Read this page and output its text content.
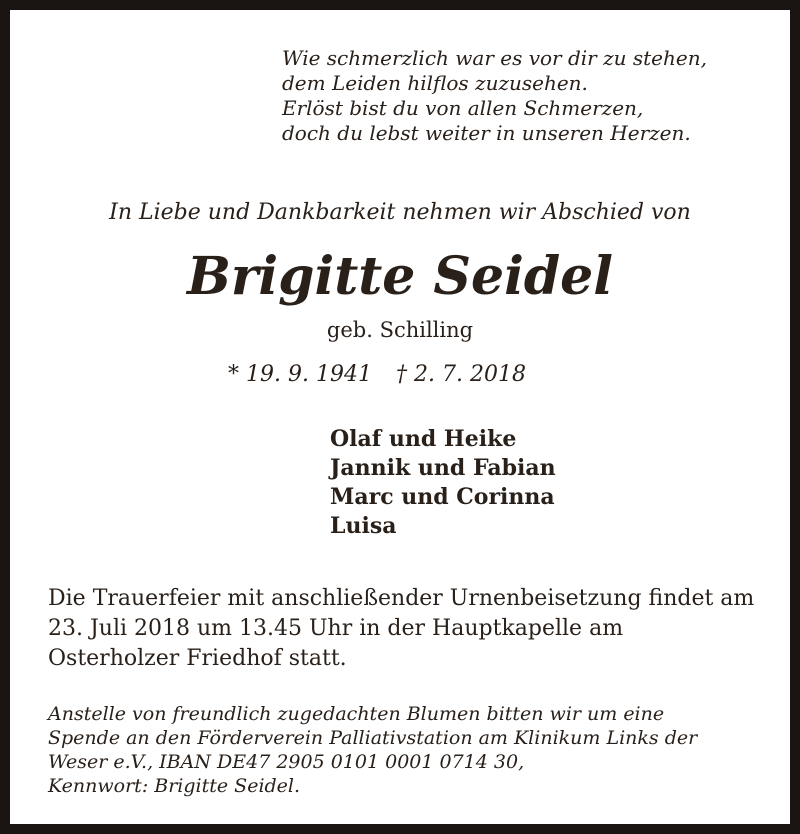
Wie schmerzlich war es vor dir zu stehen,
dem Leiden hilflos zuzusehen.
Erlöst bist du von allen Schmerzen,
doch du lebst weiter in unseren Herzen.
In Liebe und Dankbarkeit nehmen wir Abschied von
Brigitte Seidel
geb. Schilling
* 19. 9. 1941 † 2. 7. 2018
Olaf und Heike
Jannik und Fabian
Marc und Corinna
Luisa
Die Trauerfeier mit anschließender Urnenbeisetzung findet am
23. Juli 2018 um 13.45 Uhr in der Hauptkapelle am
Osterholzer Friedhof statt.
Anstelle von freundlich zugedachten Blumen bitten wir um eine
Spende an den Förderverein Palliativstation am Klinikum Links der
Weser e.V., IBAN DE47 2905 0101 0001 0714 30,
Kennwort: Brigitte Seidel.
